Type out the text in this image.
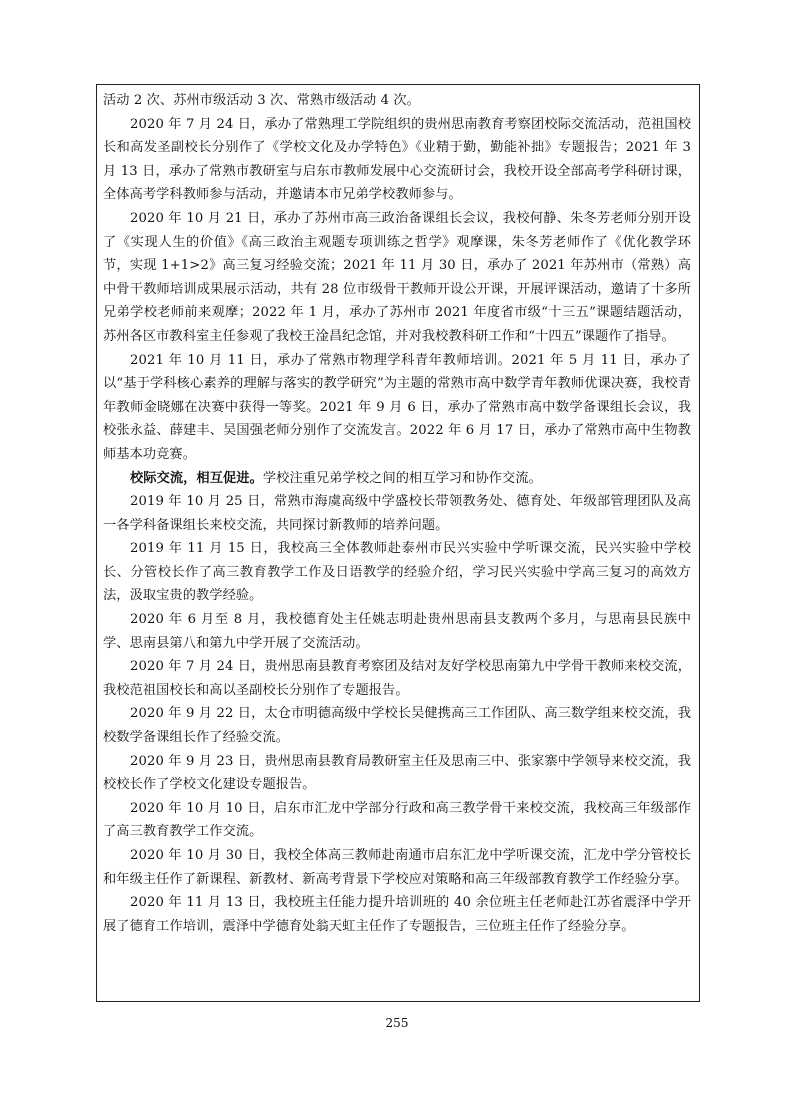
活动 2 次、苏州市级活动 3 次、常熟市级活动 4 次。

2020 年 7 月 24 日，承办了常熟理工学院组织的贵州思南教育考察团校际交流活动，范祖国校长和高发圣副校长分别作了《学校文化及办学特色》《业精于勤，勤能补拙》专题报告；2021 年 3 月 13 日，承办了常熟市教研室与启东市教师发展中心交流研讨会，我校开设全部高考学科研讨课，全体高考学科教师参与活动，并邀请本市兄弟学校教师参与。

2020 年 10 月 21 日，承办了苏州市高三政治备课组长会议，我校何静、朱冬芳老师分别开设了《实现人生的价值》《高三政治主观题专项训练之哲学》观摩课，朱冬芳老师作了《优化教学环节，实现 1+1>2》高三复习经验交流；2021 年 11 月 30 日，承办了 2021 年苏州市（常熟）高中骨干教师培训成果展示活动，共有 28 位市级骨干教师开设公开课，开展评课活动，邀请了十多所兄弟学校老师前来观摩；2022 年 1 月，承办了苏州市 2021 年度省市级“十三五”课题结题活动，苏州各区市教科室主任参观了我校王淦昌纪念馆，并对我校教科研工作和“十四五”课题作了指导。

2021 年 10 月 11 日，承办了常熟市物理学科青年教师培训。2021 年 5 月 11 日，承办了以“基于学科核心素养的理解与落实的教学研究”为主题的常熟市高中数学青年教师优课决赛，我校青年教师金晓娜在决赛中获得一等奖。2021 年 9 月 6 日，承办了常熟市高中数学备课组长会议，我校张永益、薛建丰、吴国强老师分别作了交流发言。2022 年 6 月 17 日，承办了常熟市高中生物教师基本功竞赛。

校际交流，相互促进。学校注重兄弟学校之间的相互学习和协作交流。

2019 年 10 月 25 日，常熟市海虞高级中学盛校长带领教务处、德育处、年级部管理团队及高一各学科备课组长来校交流，共同探讨新教师的培养问题。

2019 年 11 月 15 日，我校高三全体教师赴泰州市民兴实验中学听课交流，民兴实验中学校长、分管校长作了高三教育教学工作及日语教学的经验介绍，学习民兴实验中学高三复习的高效方法，汲取宝贵的教学经验。

2020 年 6 月至 8 月，我校德育处主任姚志明赴贵州思南县支教两个多月，与思南县民族中学、思南县第八和第九中学开展了交流活动。

2020 年 7 月 24 日，贵州思南县教育考察团及结对友好学校思南第九中学骨干教师来校交流，我校范祖国校长和高以圣副校长分别作了专题报告。

2020 年 9 月 22 日，太仓市明德高级中学校长吴健携高三工作团队、高三数学组来校交流，我校数学备课组长作了经验交流。

2020 年 9 月 23 日，贵州思南县教育局教研室主任及思南三中、张家寨中学领导来校交流，我校校长作了学校文化建设专题报告。

2020 年 10 月 10 日，启东市汇龙中学部分行政和高三教学骨干来校交流，我校高三年级部作了高三教育教学工作交流。

2020 年 10 月 30 日，我校全体高三教师赴南通市启东汇龙中学听课交流，汇龙中学分管校长和年级主任作了新课程、新教材、新高考背景下学校应对策略和高三年级部教育教学工作经验分享。

2020 年 11 月 13 日，我校班主任能力提升培训班的 40 余位班主任老师赴江苏省震泽中学开展了德育工作培训，震泽中学德育处翁天虹主任作了专题报告，三位班主任作了经验分享。

255
